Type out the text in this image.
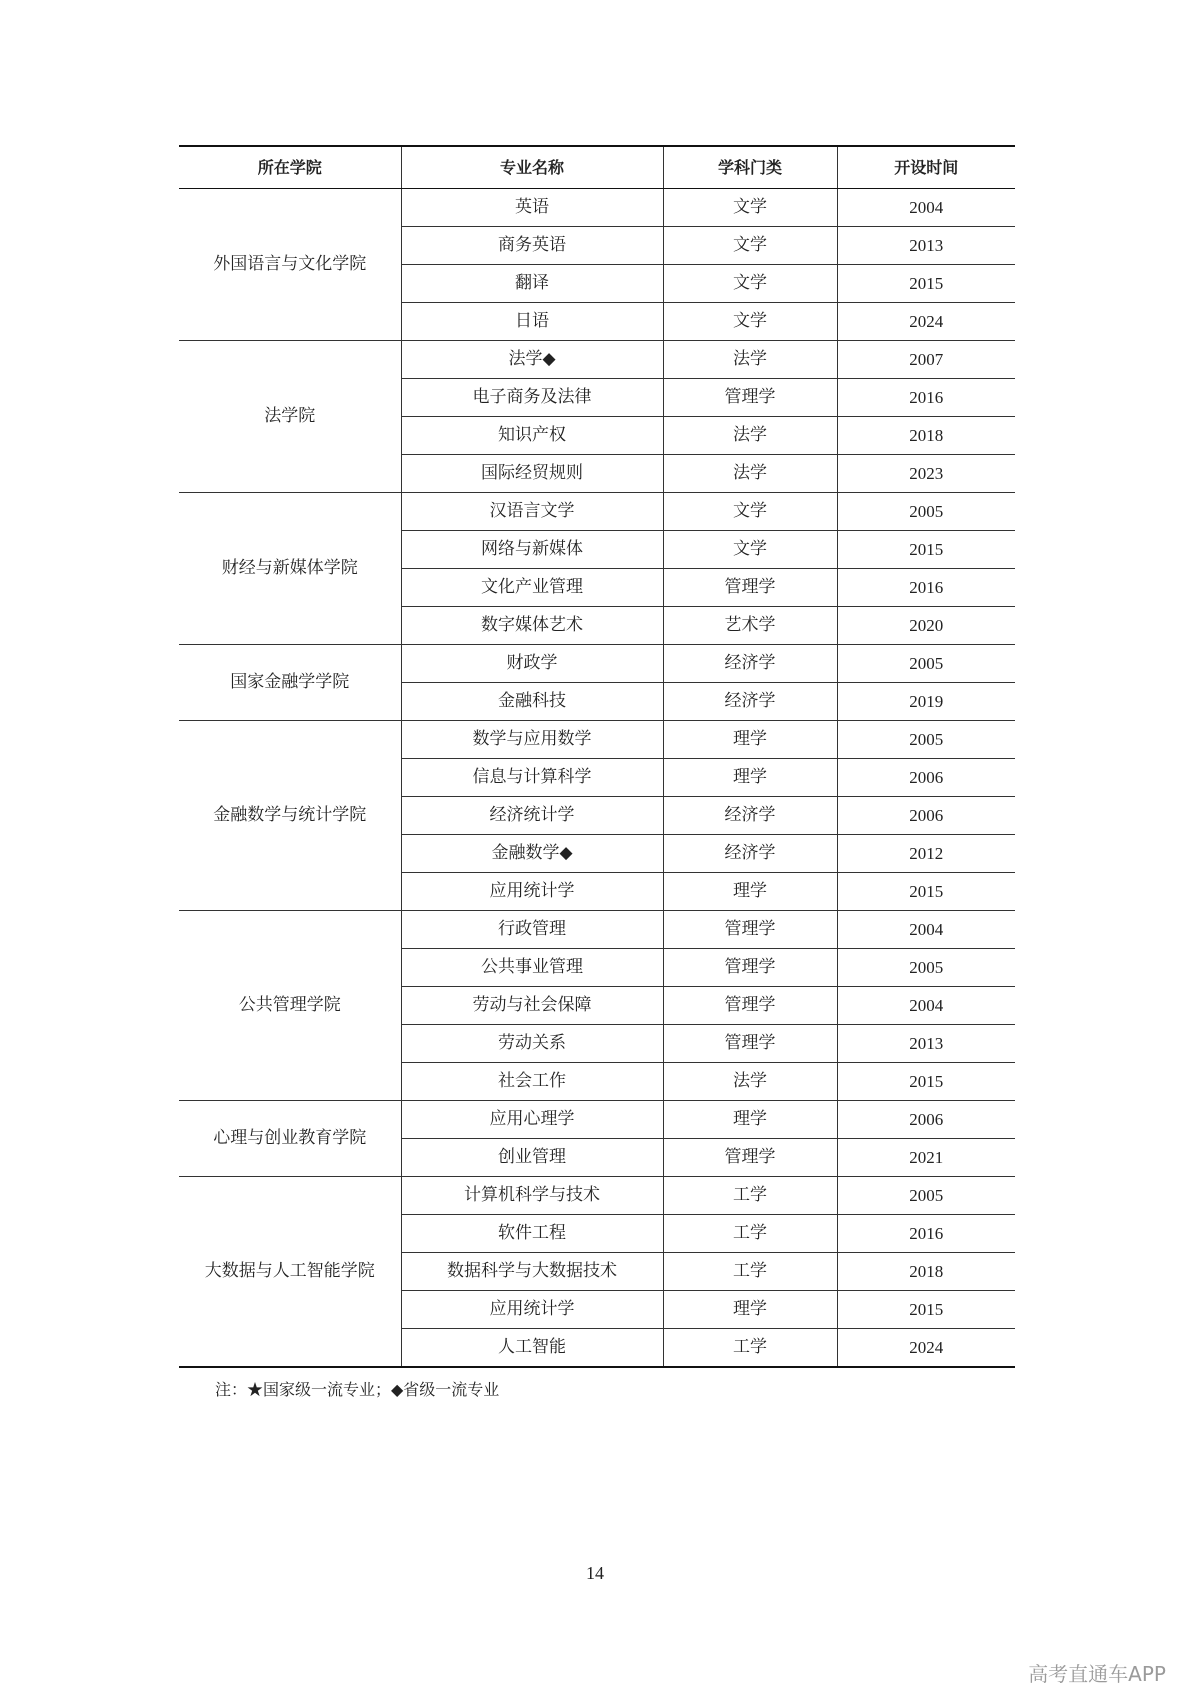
所在学院	专业名称	学科门类	开设时间
外国语言与文化学院	英语	文学	2004
	商务英语	文学	2013
	翻译	文学	2015
	日语	文学	2024
法学院	法学◆	法学	2007
	电子商务及法律	管理学	2016
	知识产权	法学	2018
	国际经贸规则	法学	2023
财经与新媒体学院	汉语言文学	文学	2005
	网络与新媒体	文学	2015
	文化产业管理	管理学	2016
	数字媒体艺术	艺术学	2020
国家金融学学院	财政学	经济学	2005
	金融科技	经济学	2019
金融数学与统计学院	数学与应用数学	理学	2005
	信息与计算科学	理学	2006
	经济统计学	经济学	2006
	金融数学◆	经济学	2012
	应用统计学	理学	2015
公共管理学院	行政管理	管理学	2004
	公共事业管理	管理学	2005
	劳动与社会保障	管理学	2004
	劳动关系	管理学	2013
	社会工作	法学	2015
心理与创业教育学院	应用心理学	理学	2006
	创业管理	管理学	2021
大数据与人工智能学院	计算机科学与技术	工学	2005
	软件工程	工学	2016
	数据科学与大数据技术	工学	2018
	应用统计学	理学	2015
	人工智能	工学	2024
注：★国家级一流专业；◆省级一流专业
14
高考直通车APP
